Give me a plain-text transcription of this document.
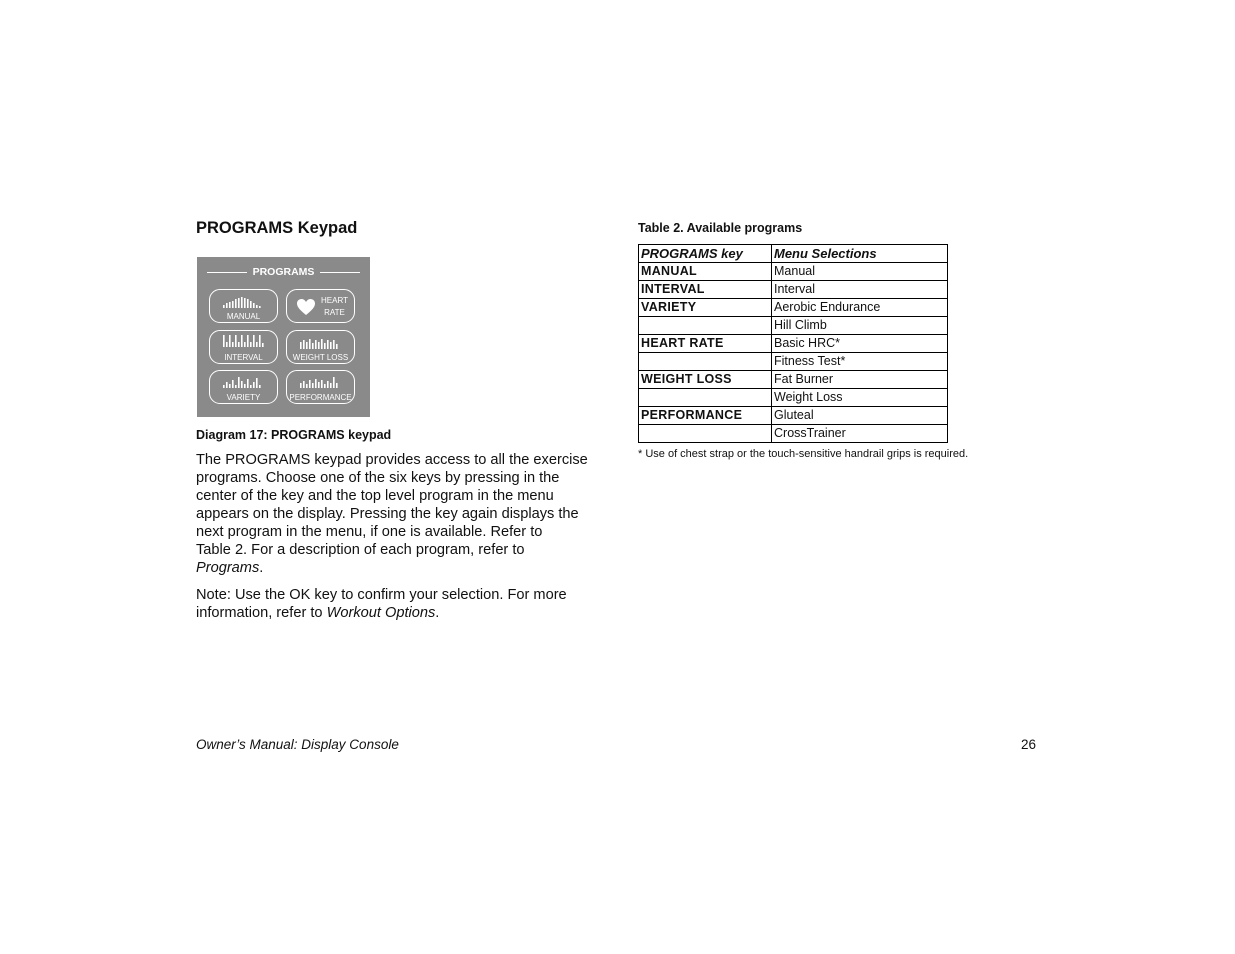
PROGRAMS Keypad
PROGRAMS
MANUAL
HEART
RATE
INTERVAL	WEIGHT LOSS
VARIETY	PERFORMANCE

Diagram 17: PROGRAMS keypad

The PROGRAMS keypad provides access to all the exercise
programs. Choose one of the six keys by pressing in the
center of the key and the top level program in the menu
appears on the display. Pressing the key again displays the
next program in the menu, if one is available. Refer to
Table 2. For a description of each program, refer to
Programs.

Note: Use the OK key to confirm your selection. For more
information, refer to Workout Options.

Table 2. Available programs

PROGRAMS key	Menu Selections
MANUAL	Manual
INTERVAL	Interval
VARIETY	Aerobic Endurance
	Hill Climb
HEART RATE	Basic HRC*
	Fitness Test*
WEIGHT LOSS	Fat Burner
	Weight Loss
PERFORMANCE	Gluteal
	CrossTrainer

* Use of chest strap or the touch-sensitive handrail grips is required.

Owner’s Manual: Display Console	26
